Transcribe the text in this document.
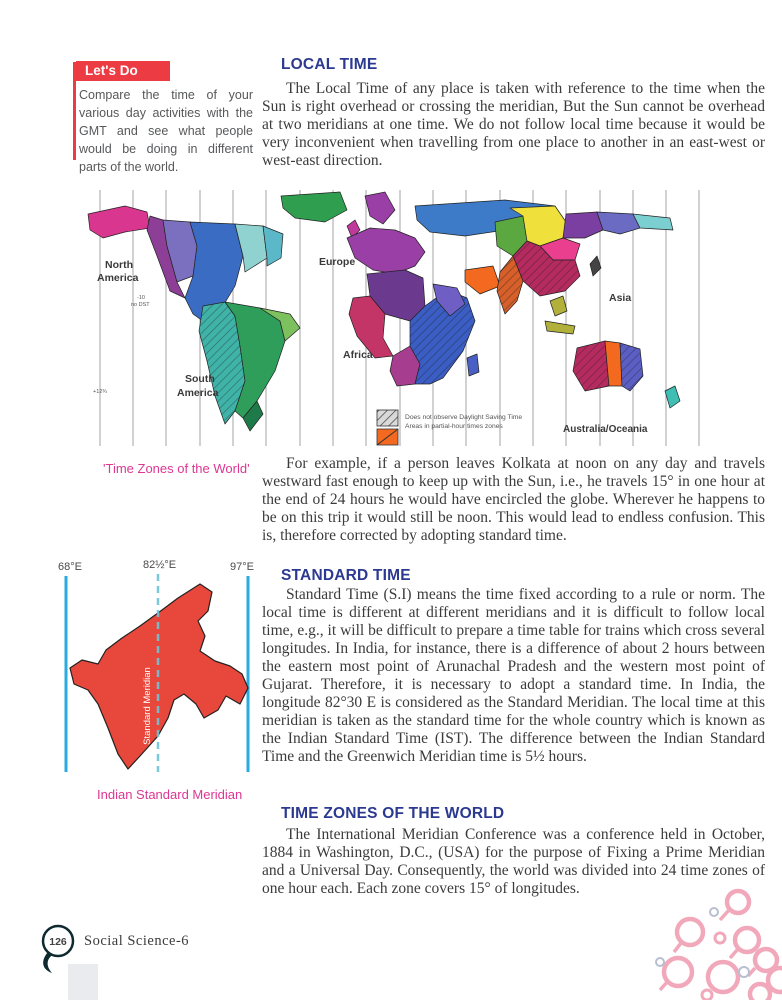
Let's Do
Compare the time of your various day activities with the GMT and see what people would be doing in different parts of the world.
LOCAL TIME
The Local Time of any place is taken with reference to the time when the Sun is right overhead or crossing the meridian, But the Sun cannot be overhead at two meridians at one time. We do not follow local time because it would be very inconvenient when travelling from one place to another in an east-west or west-east direction.
North
America
Europe
Africa
Asia
South
America
Australia/Oceania
-10
no DST
+12¾
Does not observe Daylight Saving Time
Areas in partial-hour times zones
'Time Zones of the World'	For example, if a person leaves Kolkata at noon on any day and travels westward fast enough to keep up with the Sun, i.e., he travels 15° in one hour at the end of 24 hours he would have encircled the globe. Wherever he happens to be on this trip it would still be noon. This would lead to endless confusion. This is, therefore corrected by adopting standard time.
STANDARD TIME
Standard Time (S.I) means the time fixed according to a rule or norm. The local time is different at different meridians and it is difficult to follow local time, e.g., it will be difficult to prepare a time table for trains which cross several longitudes. In India, for instance, there is a difference of about 2 hours between the eastern most point of Arunachal Pradesh and the western most point of Gujarat. Therefore, it is necessary to adopt a standard time. In India, the longitude 82°30 E is considered as the Standard Meridian. The local time at this meridian is taken as the standard time for the whole country which is known as the Indian Standard Time (IST). The difference between the Indian Standard Time and the Greenwich Meridian time is 5½ hours.
68°E	82½°E	97°E
Standard Meridian
Indian Standard Meridian
TIME ZONES OF THE WORLD
The International Meridian Conference was a conference held in October, 1884 in Washington, D.C., (USA) for the purpose of Fixing a Prime Meridian and a Universal Day. Consequently, the world was divided into 24 time zones of one hour each. Each zone covers 15° of longitudes.
126 Social Science-6
